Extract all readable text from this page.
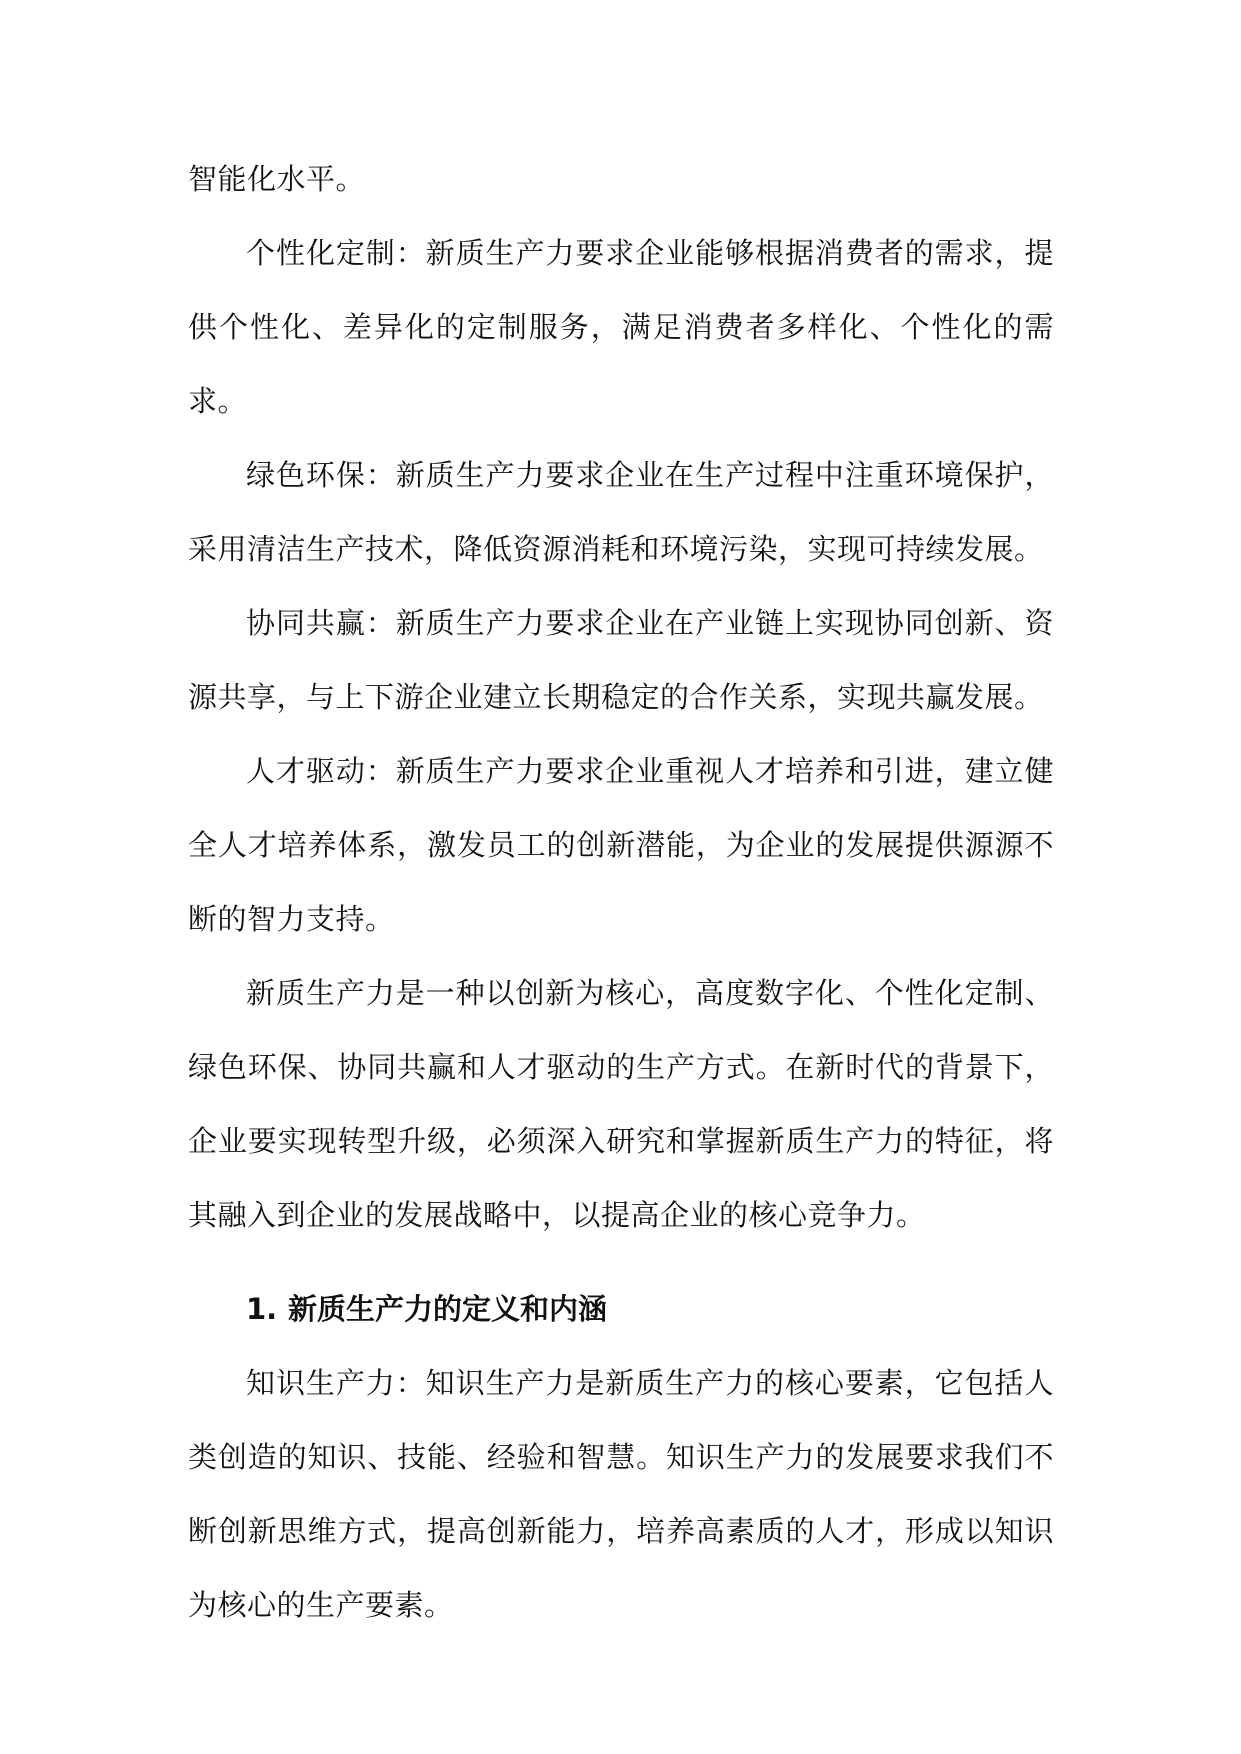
智能化水平。

个性化定制：新质生产力要求企业能够根据消费者的需求，提供个性化、差异化的定制服务，满足消费者多样化、个性化的需求。

绿色环保：新质生产力要求企业在生产过程中注重环境保护，采用清洁生产技术，降低资源消耗和环境污染，实现可持续发展。

协同共赢：新质生产力要求企业在产业链上实现协同创新、资源共享，与上下游企业建立长期稳定的合作关系，实现共赢发展。

人才驱动：新质生产力要求企业重视人才培养和引进，建立健全人才培养体系，激发员工的创新潜能，为企业的发展提供源源不断的智力支持。

新质生产力是一种以创新为核心，高度数字化、个性化定制、绿色环保、协同共赢和人才驱动的生产方式。在新时代的背景下，企业要实现转型升级，必须深入研究和掌握新质生产力的特征，将其融入到企业的发展战略中，以提高企业的核心竞争力。

1. 新质生产力的定义和内涵

知识生产力：知识生产力是新质生产力的核心要素，它包括人类创造的知识、技能、经验和智慧。知识生产力的发展要求我们不断创新思维方式，提高创新能力，培养高素质的人才，形成以知识为核心的生产要素。
